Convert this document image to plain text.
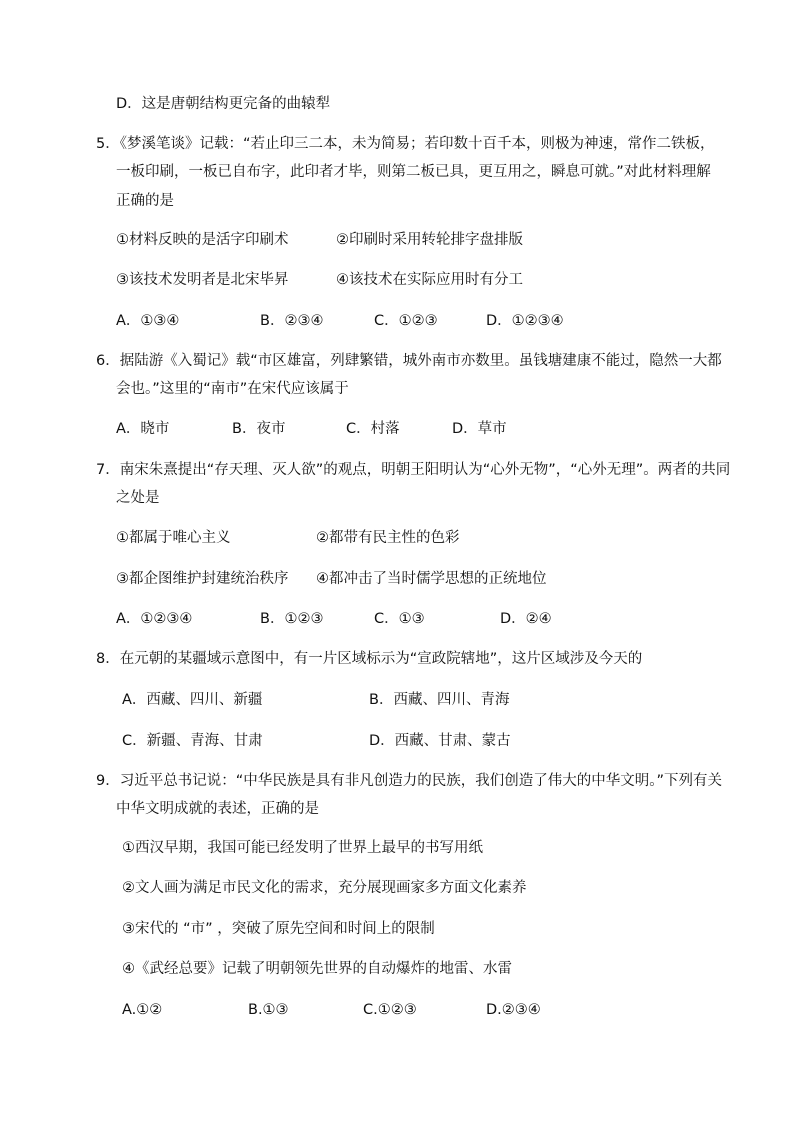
D．这是唐朝结构更完备的曲辕犁
5．《梦溪笔谈》记载：“若止印三二本，未为简易；若印数十百千本，则极为神速，常作二铁板，
一板印刷，一板已自布字，此印者才毕，则第二板已具，更互用之，瞬息可就。”对此材料理解
正确的是
①材料反映的是活字印刷术	②印刷时采用转轮排字盘排版
③该技术发明者是北宋毕昇	④该技术在实际应用时有分工
A．①③④	B．②③④	C．①②③	D．①②③④
6．据陆游《入蜀记》载“市区雄富，列肆繁错，城外南市亦数里。虽钱塘建康不能过，隐然一大都
会也。”这里的“南市”在宋代应该属于
A．晓市	B．夜市	C．村落	D．草市
7．南宋朱熹提出“存天理、灭人欲”的观点，明朝王阳明认为“心外无物”，“心外无理”。两者的共同
之处是
①都属于唯心主义	②都带有民主性的色彩
③都企图维护封建统治秩序 ④都冲击了当时儒学思想的正统地位
A．①②③④	B．①②③	C．①③	D．②④
8．在元朝的某疆域示意图中，有一片区域标示为“宣政院辖地”，这片区域涉及今天的
A．西藏、四川、新疆	B．西藏、四川、青海
C．新疆、青海、甘肃	D．西藏、甘肃、蒙古
9．习近平总书记说：“中华民族是具有非凡创造力的民族，我们创造了伟大的中华文明。”下列有关
中华文明成就的表述，正确的是
①西汉早期，我国可能已经发明了世界上最早的书写用纸
②文人画为满足市民文化的需求，充分展现画家多方面文化素养
③宋代的 “市” ，突破了原先空间和时间上的限制
④《武经总要》记载了明朝领先世界的自动爆炸的地雷、水雷
A.①②	B.①③	C.①②③	D.②③④
